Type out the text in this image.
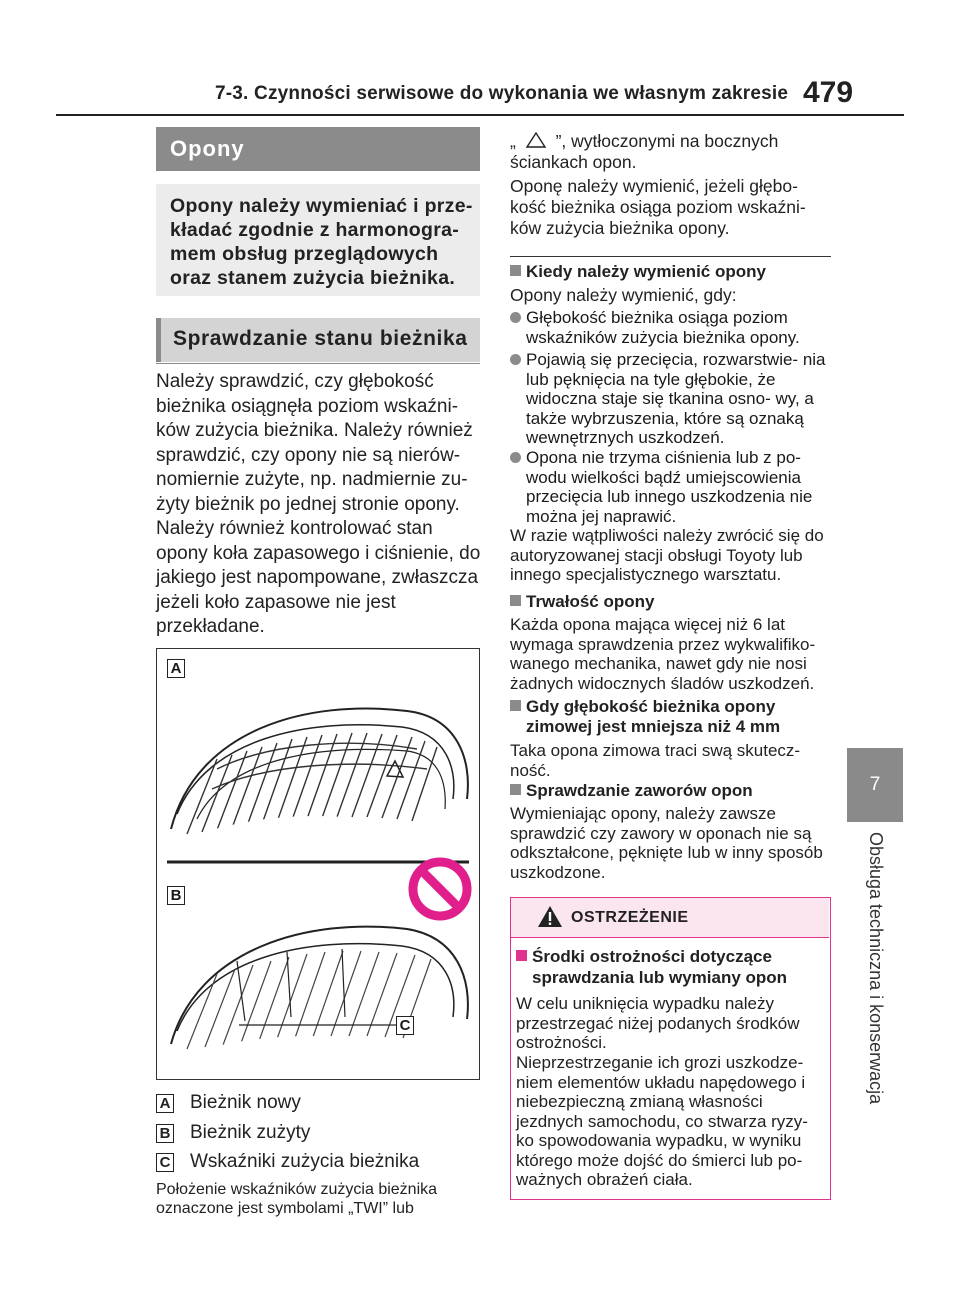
7-3. Czynności serwisowe do wykonania we własnym zakresie 479
7
Obsługa techniczna i konserwacja
Opony
Opony należy wymieniać i prze- kładać zgodnie z harmonogra- mem obsług przeglądowych oraz stanem zużycia bieżnika.
Sprawdzanie stanu bieżnika
Należy sprawdzić, czy głębokość bieżnika osiągnęła poziom wskaźni- ków zużycia bieżnika. Należy również sprawdzić, czy opony nie są nierów- nomiernie zużyte, np. nadmiernie zu- żyty bieżnik po jednej stronie opony.
Należy również kontrolować stan opony koła zapasowego i ciśnienie, do jakiego jest napompowane, zwłaszcza jeżeli koło zapasowe nie jest przekładane.
A
B
C
A Bieżnik nowy
B Bieżnik zużyty
C Wskaźniki zużycia bieżnika
Położenie wskaźników zużycia bieżnika oznaczone jest symbolami „TWI” lub
„ ”, wytłoczonymi na bocznych
ściankach opon.
Oponę należy wymienić, jeżeli głębo- kość bieżnika osiąga poziom wskaźni- ków zużycia bieżnika opony.
Kiedy należy wymienić opony
Opony należy wymienić, gdy:
Głębokość bieżnika osiąga poziom wskaźników zużycia bieżnika opony.
Pojawią się przecięcia, rozwarstwie- nia lub pęknięcia na tyle głębokie, że widoczna staje się tkanina osno- wy, a także wybrzuszenia, które są oznaką wewnętrznych uszkodzeń.
Opona nie trzyma ciśnienia lub z po- wodu wielkości bądź umiejscowienia przecięcia lub innego uszkodzenia nie można jej naprawić.
W razie wątpliwości należy zwrócić się do autoryzowanej stacji obsługi Toyoty lub innego specjalistycznego warsztatu.
Trwałość opony
Każda opona mająca więcej niż 6 lat wymaga sprawdzenia przez wykwalifiko- wanego mechanika, nawet gdy nie nosi żadnych widocznych śladów uszkodzeń.
Gdy głębokość bieżnika opony zimowej jest mniejsza niż 4 mm
Taka opona zimowa traci swą skutecz- ność.
Sprawdzanie zaworów opon
Wymieniając opony, należy zawsze sprawdzić czy zawory w oponach nie są odkształcone, pęknięte lub w inny sposób uszkodzone.
OSTRZEŻENIE
Środki ostrożności dotyczące sprawdzania lub wymiany opon
W celu uniknięcia wypadku należy przestrzegać niżej podanych środków ostrożności.
Nieprzestrzeganie ich grozi uszkodze- niem elementów układu napędowego i niebezpieczną zmianą własności jezdnych samochodu, co stwarza ryzy- ko spowodowania wypadku, w wyniku którego może dojść do śmierci lub po- ważnych obrażeń ciała.
